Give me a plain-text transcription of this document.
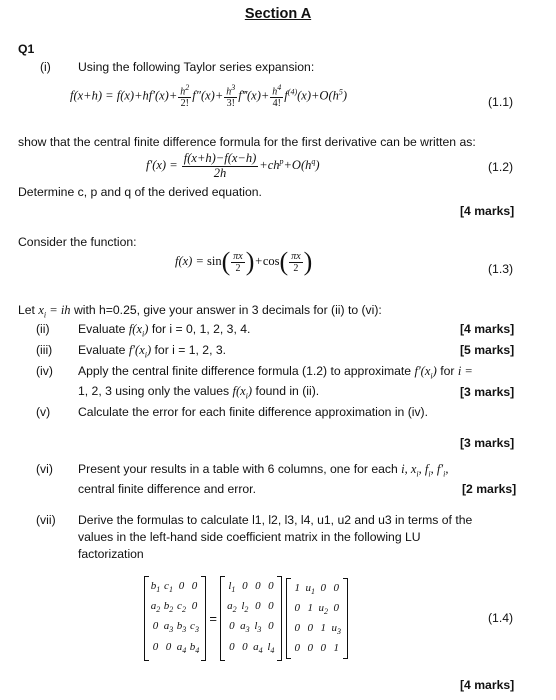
Section A
Q1
(i) Using the following Taylor series expansion:
$f(x+h) = f(x)+hf'(x)+ \frac{h^2}{2!} f''(x)+ \frac{h^3}{3!}$ f‴(x)+ $\frac{h^4}{4!} f^{(4)}(x)+O(h^5)$	(1.1)
show that the central finite difference formula for the first derivative can be written as:
$f'(x) = \frac{f(x+h)-f(x-h)}{2h} +ch^p+O(h^q)$	(1.2)
Determine c, p and q of the derived equation.
[4 marks]
Consider the function:
$f(x) = \sin( \frac{\pi x}{2} )+\cos( \frac{\pi x}{2}$ )	(1.3)
Let $x_i$ = ih with h=0.25, give your answer in 3 decimals for (ii) to (vi):
(ii) Evaluate $f(x_i)$ for i = 0, 1, 2, 3, 4.	[4 marks]
(iii) Evaluate $f'(x_i)$ for i = 1, 2, 3.	[5 marks]
(iv) Apply the central finite difference formula (1.2) to approximate $f'(x_i)$ for i =
1, 2, 3 using only the values $f(x_i)$ found in (ii).	[3 marks]
(v) Calculate the error for each finite difference approximation in (iv).
[3 marks]
(vi) Present your results in a table with 6 columns, one for each i, $x_i$, $f_i$, $f'_i$,
central finite difference and error.	[2 marks]
(vii) Derive the formulas to calculate l1, l2, l3, l4, u1, u2 and u3 in terms of the
values in the left-hand side coefficient matrix in the following LU
factorization
$b_1$ $c_1$ 0 0
$a_2$ $b_2$ $c_2$ 0
0 $a_3$ $b_3$ $c_3$
0 0 $a_4$ $b_4$
=
$l_1$ 0 0 0
$a_2$ $l_2$ 0 0
0 $a_3$ $l_3$ 0
0 0 $a_4$ $l_4$

1 $u_1$ 0 0
0 1 $u_2$ 0
0 0 1 $u_3$
0 0 0 1
(1.4)
[4 marks]
